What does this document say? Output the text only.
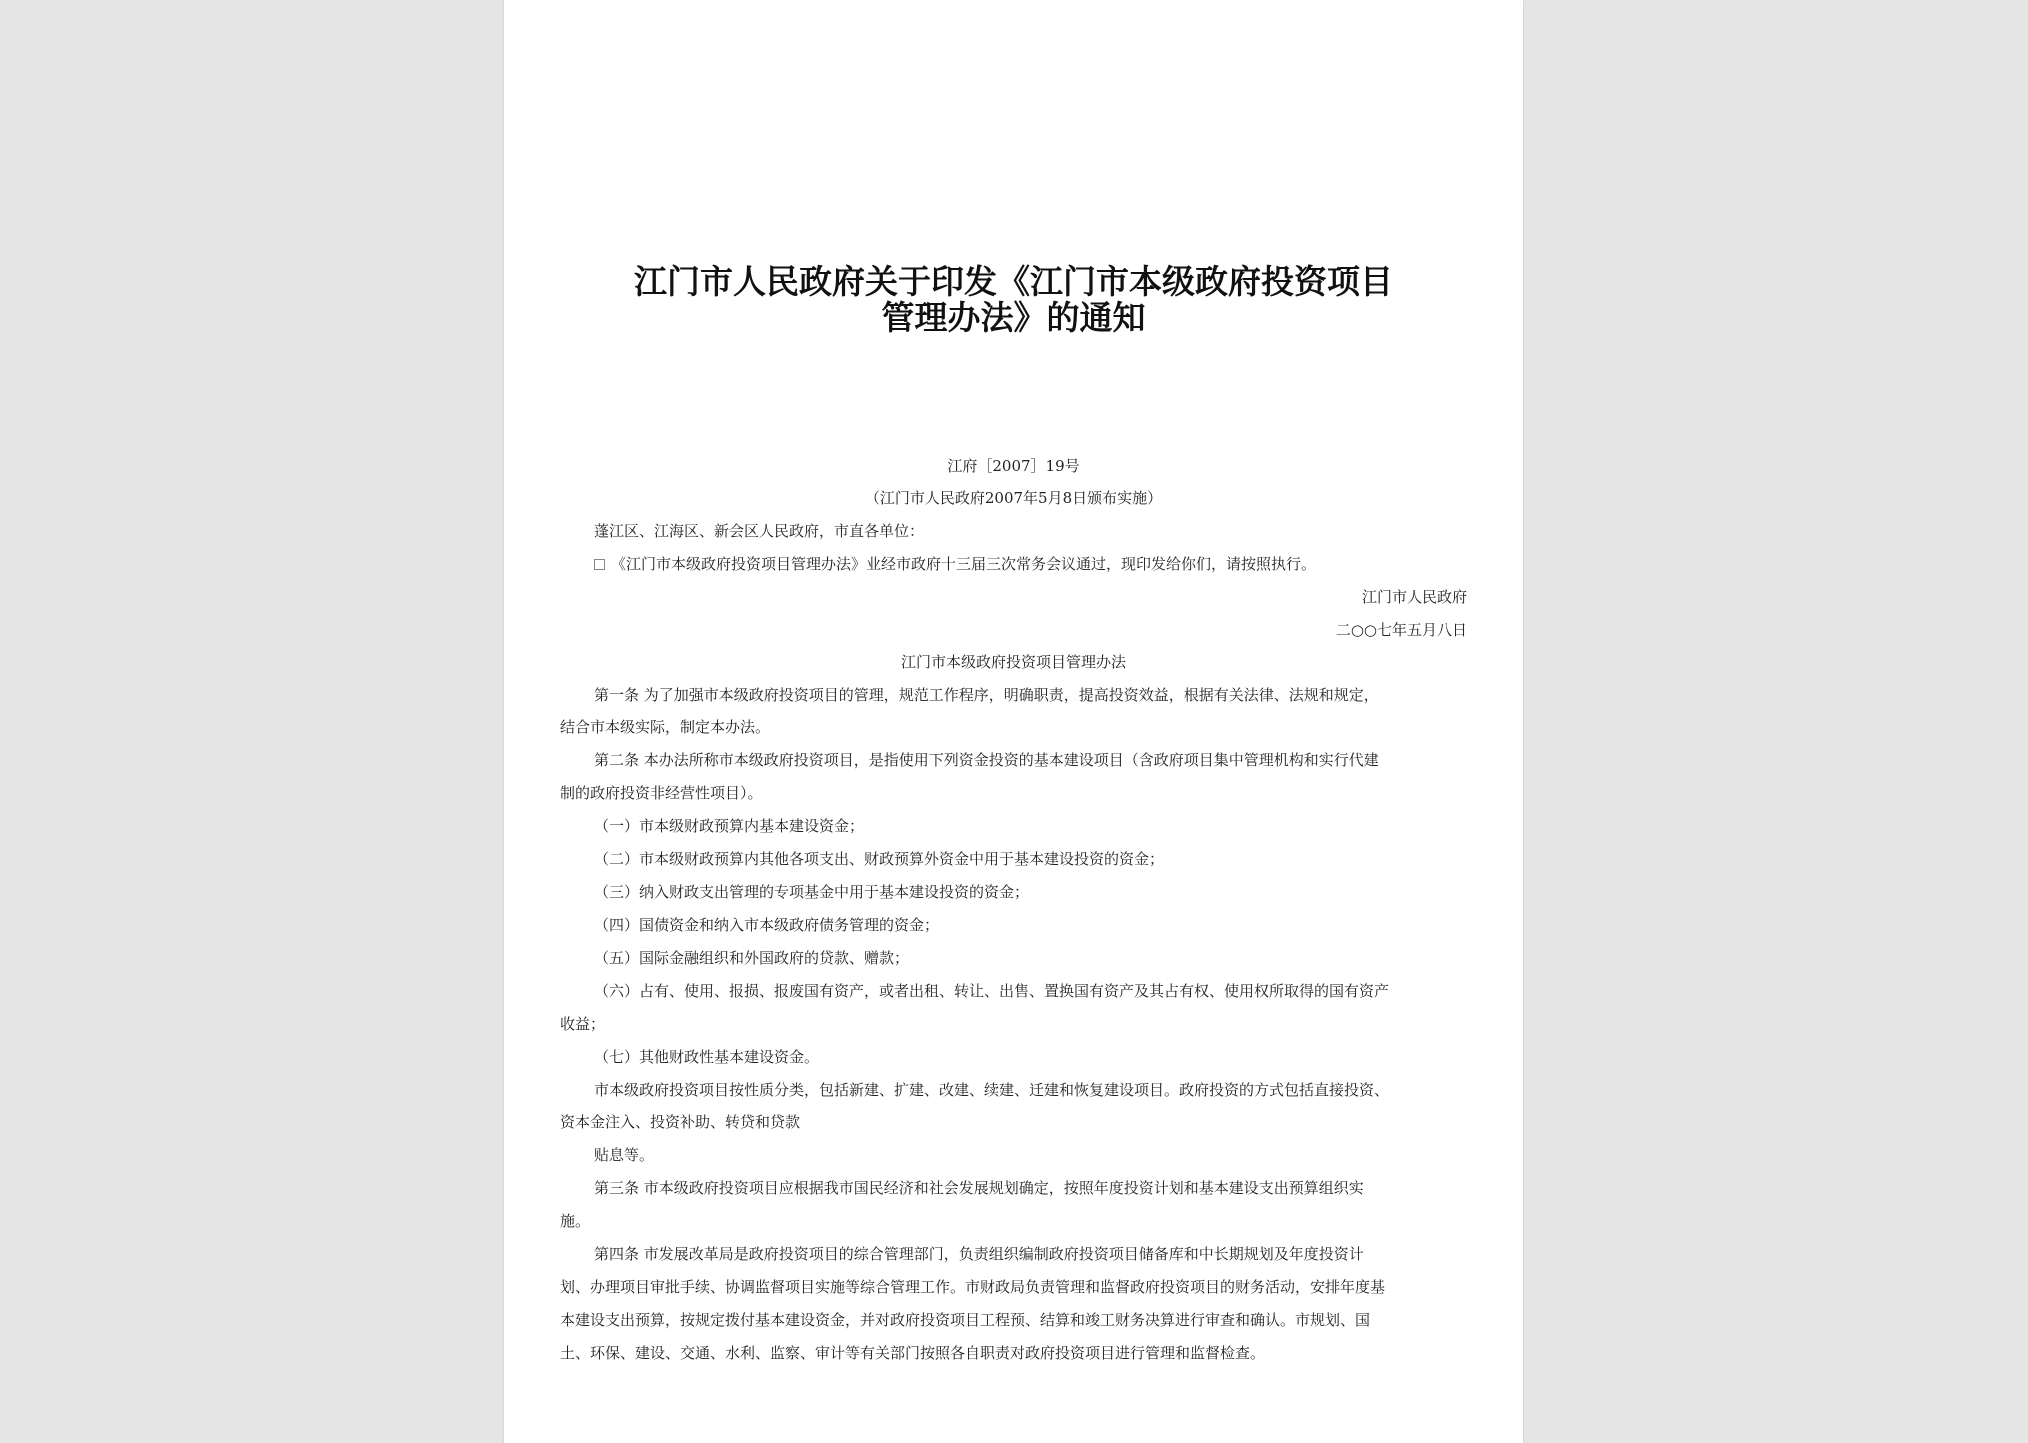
江门市人民政府关于印发《江门市本级政府投资项目
管理办法》的通知
江府［2007］19号
（江门市人民政府2007年5月8日颁布实施）
蓬江区、江海区、新会区人民政府，市直各单位：
《江门市本级政府投资项目管理办法》业经市政府十三届三次常务会议通过，现印发给你们，请按照执行。
江门市人民政府
二○○七年五月八日
江门市本级政府投资项目管理办法
第一条 为了加强市本级政府投资项目的管理，规范工作程序，明确职责，提高投资效益，根据有关法律、法规和规定，
结合市本级实际，制定本办法。
第二条 本办法所称市本级政府投资项目，是指使用下列资金投资的基本建设项目（含政府项目集中管理机构和实行代建
制的政府投资非经营性项目）。
（一）市本级财政预算内基本建设资金；
（二）市本级财政预算内其他各项支出、财政预算外资金中用于基本建设投资的资金；
（三）纳入财政支出管理的专项基金中用于基本建设投资的资金；
（四）国债资金和纳入市本级政府债务管理的资金；
（五）国际金融组织和外国政府的贷款、赠款；
（六）占有、使用、报损、报废国有资产，或者出租、转让、出售、置换国有资产及其占有权、使用权所取得的国有资产
收益；
（七）其他财政性基本建设资金。
市本级政府投资项目按性质分类，包括新建、扩建、改建、续建、迁建和恢复建设项目。政府投资的方式包括直接投资、
资本金注入、投资补助、转贷和贷款
贴息等。
第三条 市本级政府投资项目应根据我市国民经济和社会发展规划确定，按照年度投资计划和基本建设支出预算组织实
施。
第四条 市发展改革局是政府投资项目的综合管理部门，负责组织编制政府投资项目储备库和中长期规划及年度投资计
划、办理项目审批手续、协调监督项目实施等综合管理工作。市财政局负责管理和监督政府投资项目的财务活动，安排年度基
本建设支出预算，按规定拨付基本建设资金，并对政府投资项目工程预、结算和竣工财务决算进行审查和确认。市规划、国
土、环保、建设、交通、水利、监察、审计等有关部门按照各自职责对政府投资项目进行管理和监督检查。
